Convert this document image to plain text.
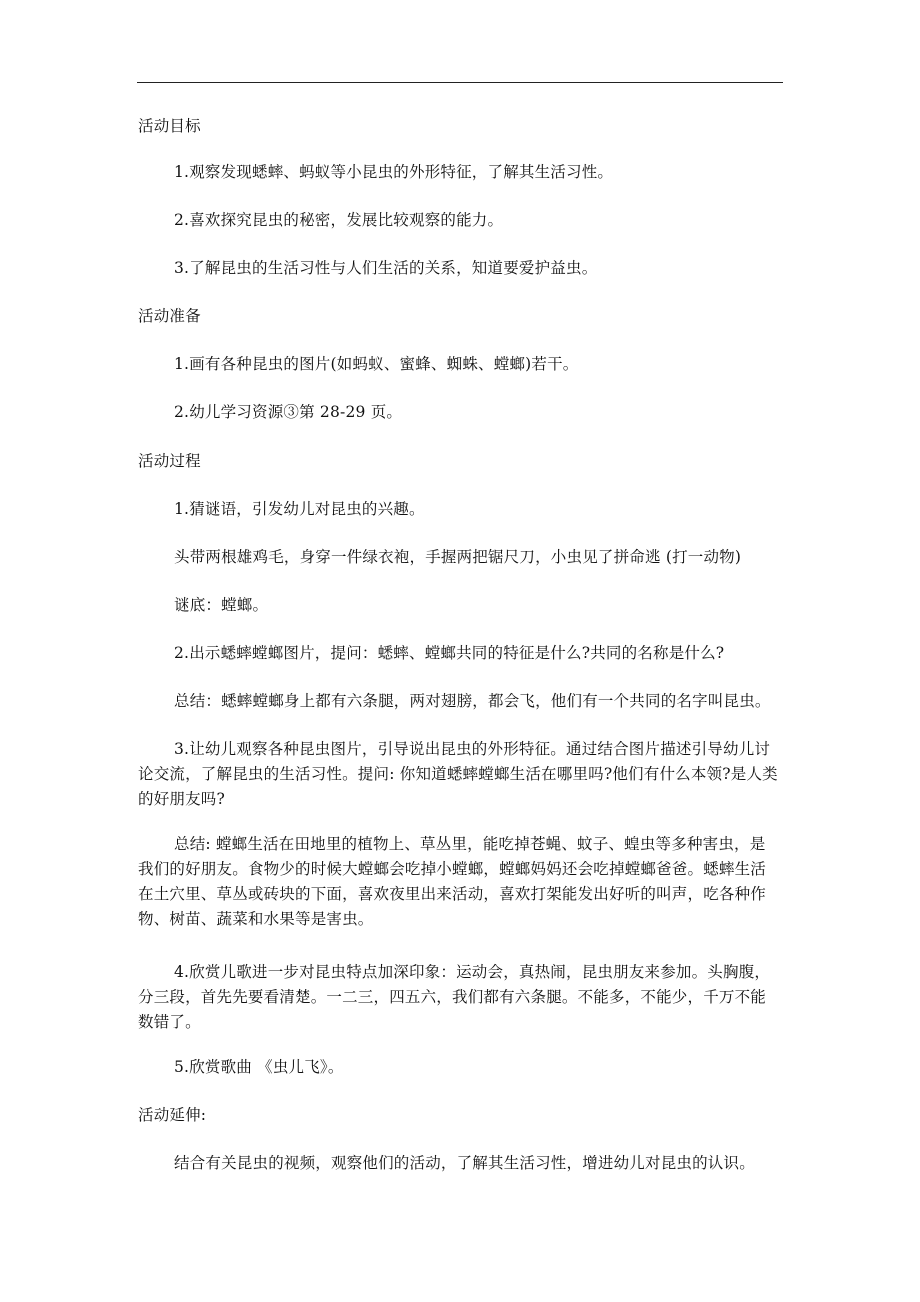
活动目标
1.观察发现蟋蟀、蚂蚁等小昆虫的外形特征，了解其生活习性。
2.喜欢探究昆虫的秘密，发展比较观察的能力。
3.了解昆虫的生活习性与人们生活的关系，知道要爱护益虫。
活动准备
1.画有各种昆虫的图片(如蚂蚁、蜜蜂、蜘蛛、螳螂)若干。
2.幼儿学习资源③第 28-29 页。
活动过程
1.猜谜语，引发幼儿对昆虫的兴趣。
头带两根雄鸡毛，身穿一件绿衣袍，手握两把锯尺刀，小虫见了拼命逃 (打一动物)
谜底：螳螂。
2.出示蟋蟀螳螂图片，提问：蟋蟀、螳螂共同的特征是什么?共同的名称是什么?
总结：蟋蟀螳螂身上都有六条腿，两对翅膀，都会飞，他们有一个共同的名字叫昆虫。
3.让幼儿观察各种昆虫图片，引导说出昆虫的外形特征。通过结合图片描述引导幼儿讨论交流，了解昆虫的生活习性。提问: 你知道蟋蟀螳螂生活在哪里吗?他们有什么本领?是人类的好朋友吗?
总结: 螳螂生活在田地里的植物上、草丛里，能吃掉苍蝇、蚊子、蝗虫等多种害虫，是我们的好朋友。食物少的时候大螳螂会吃掉小螳螂，螳螂妈妈还会吃掉螳螂爸爸。蟋蟀生活在土穴里、草丛或砖块的下面，喜欢夜里出来活动，喜欢打架能发出好听的叫声，吃各种作物、树苗、蔬菜和水果等是害虫。
4.欣赏儿歌进一步对昆虫特点加深印象：运动会，真热闹，昆虫朋友来参加。头胸腹，分三段，首先先要看清楚。一二三，四五六，我们都有六条腿。不能多，不能少，千万不能数错了。
5.欣赏歌曲 《虫儿飞》。
活动延伸:
结合有关昆虫的视频，观察他们的活动，了解其生活习性，增进幼儿对昆虫的认识。
